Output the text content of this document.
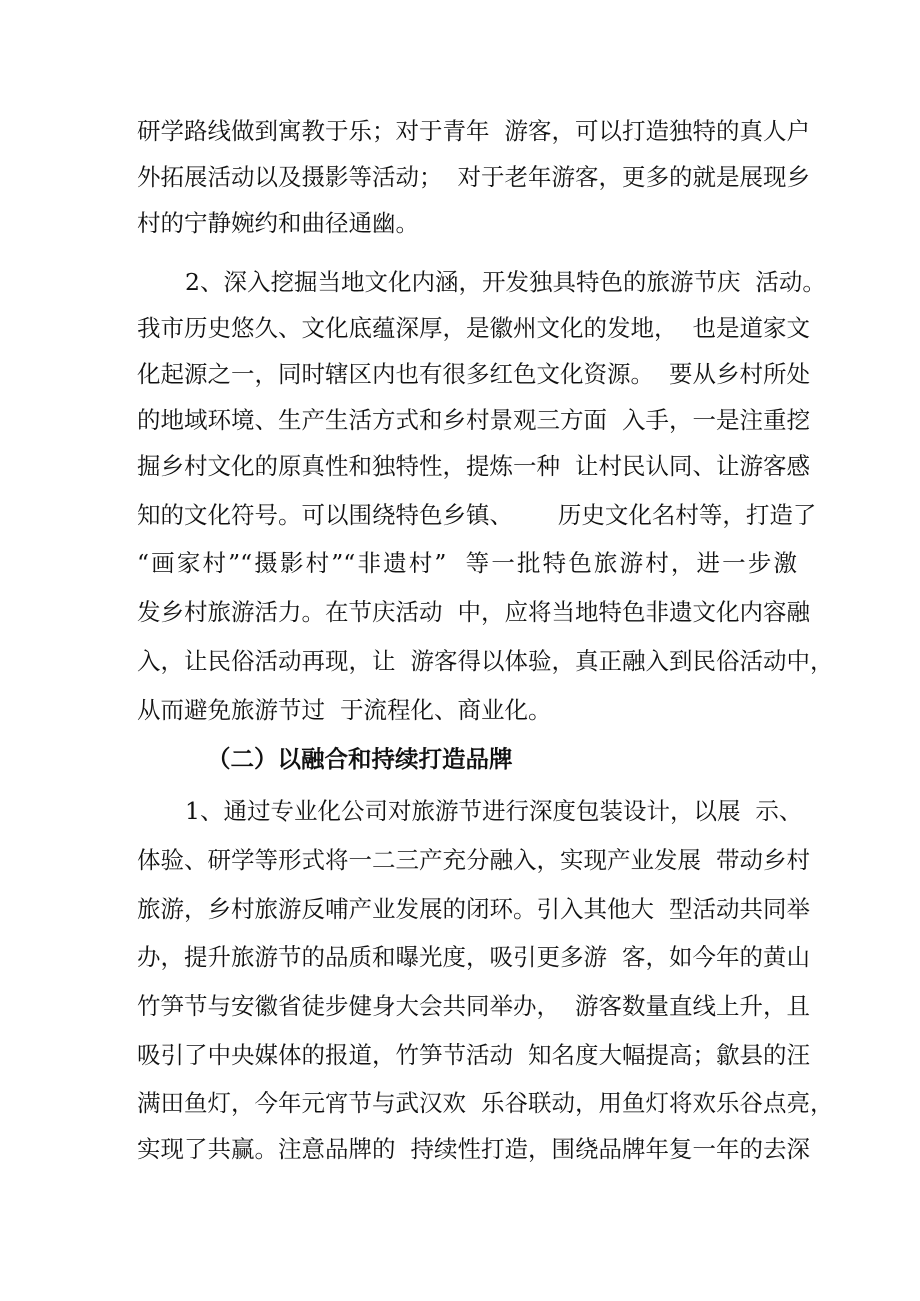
研学路线做到寓教于乐；对于青年  游客，可以打造独特的真人户
外拓展活动以及摄影等活动；  对于老年游客，更多的就是展现乡
村的宁静婉约和曲径通幽。
2、深入挖掘当地文化内涵，开发独具特色的旅游节庆  活动。
我市历史悠久、文化底蕴深厚，是徽州文化的发地，  也是道家文
化起源之一，同时辖区内也有很多红色文化资源。  要从乡村所处
的地域环境、生产生活方式和乡村景观三方面  入手，一是注重挖
掘乡村文化的原真性和独特性，提炼一种  让村民认同、让游客感
知的文化符号。可以围绕特色乡镇、      历史文化名村等，打造了
“画家村”“摄影村”“非遗村”  等一批特色旅游村，进一步激
发乡村旅游活力。在节庆活动  中，应将当地特色非遗文化内容融
入，让民俗活动再现，让  游客得以体验，真正融入到民俗活动中，
从而避免旅游节过  于流程化、商业化。
（二）以融合和持续打造品牌
1、通过专业化公司对旅游节进行深度包装设计，以展  示、
体验、研学等形式将一二三产充分融入，实现产业发展  带动乡村
旅游，乡村旅游反哺产业发展的闭环。引入其他大  型活动共同举
办，提升旅游节的品质和曝光度，吸引更多游  客，如今年的黄山
竹笋节与安徽省徒步健身大会共同举办，  游客数量直线上升，且
吸引了中央媒体的报道，竹笋节活动  知名度大幅提高；歙县的汪
满田鱼灯，今年元宵节与武汉欢  乐谷联动，用鱼灯将欢乐谷点亮，
实现了共赢。注意品牌的  持续性打造，围绕品牌年复一年的去深
